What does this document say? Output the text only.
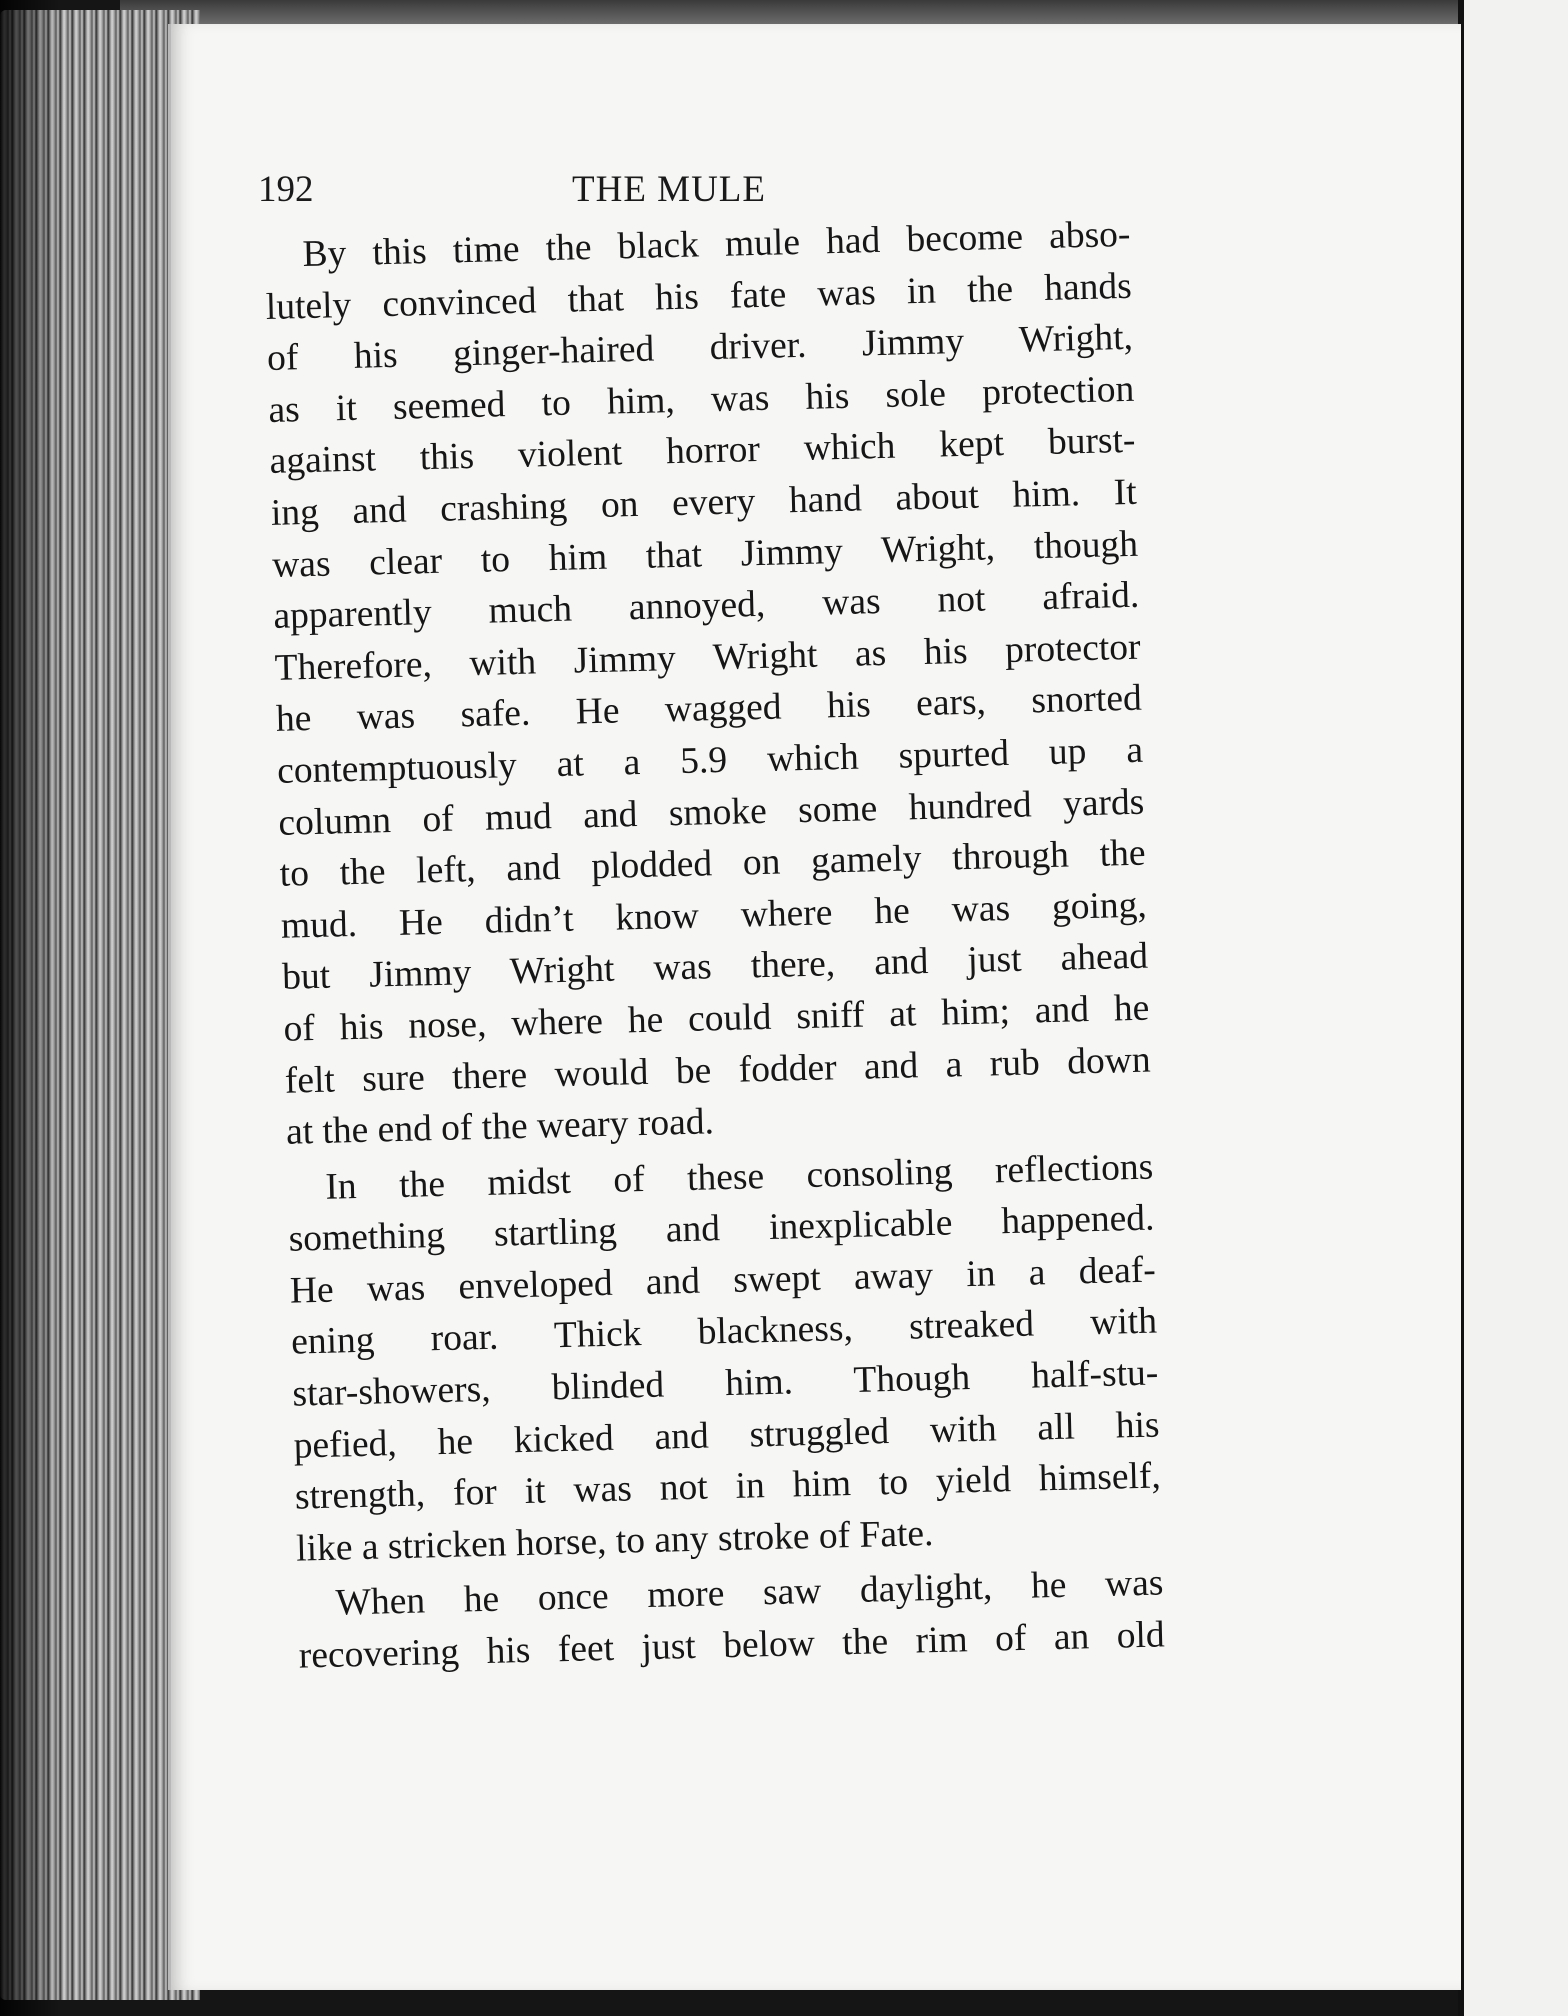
192	THE MULE
By this time the black mule had become abso-
lutely convinced that his fate was in the hands
of his ginger-haired driver. Jimmy Wright,
as it seemed to him, was his sole protection
against this violent horror which kept burst-
ing and crashing on every hand about him. It
was clear to him that Jimmy Wright, though
apparently much annoyed, was not afraid.
Therefore, with Jimmy Wright as his protector
he was safe. He wagged his ears, snorted
contemptuously at a 5.9 which spurted up a
column of mud and smoke some hundred yards
to the left, and plodded on gamely through the
mud. He didn’t know where he was going,
but Jimmy Wright was there, and just ahead
of his nose, where he could sniff at him; and he
felt sure there would be fodder and a rub down
at the end of the weary road.
In the midst of these consoling reflections
something startling and inexplicable happened.
He was enveloped and swept away in a deaf-
ening roar. Thick blackness, streaked with
star-showers, blinded him. Though half-stu-
pefied, he kicked and struggled with all his
strength, for it was not in him to yield himself,
like a stricken horse, to any stroke of Fate.
When he once more saw daylight, he was
recovering his feet just below the rim of an old
